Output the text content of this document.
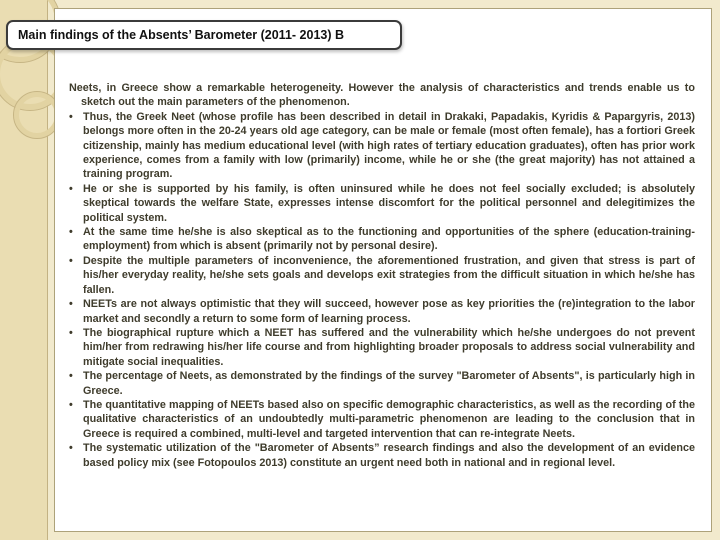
Neets, in Greece show a remarkable heterogeneity. However the analysis of characteristics and trends enable us to sketch out the main parameters of the phenomenon.

• Thus, the Greek Neet (whose profile has been described in detail in Drakaki, Papadakis, Kyridis & Papargyris, 2013) belongs more often in the 20-24 years old age category, can be male or female (most often female), has a fortiori Greek citizenship, mainly has medium educational level (with high rates of tertiary education graduates), often has prior work experience, comes from a family with low (primarily) income, while he or she (the great majority) has not attained a training program.
• He or she is supported by his family, is often uninsured while he does not feel socially excluded; is absolutely skeptical towards the welfare State, expresses intense discomfort for the political personnel and delegitimizes the political system.
• At the same time he/she is also skeptical as to the functioning and opportunities of the sphere (education-training-employment) from which is absent (primarily not by personal desire).
• Despite the multiple parameters of inconvenience, the aforementioned frustration, and given that stress is part of his/her everyday reality, he/she sets goals and develops exit strategies from the difficult situation in which he/she has fallen.
• NEETs are not always optimistic that they will succeed, however pose as key priorities the (re)integration to the labor market and secondly a return to some form of learning process.
• The biographical rupture which a NEET has suffered and the vulnerability which he/she undergoes do not prevent him/her from redrawing his/her life course and from highlighting broader proposals to address social vulnerability and mitigate social inequalities.
• The percentage of Neets, as demonstrated by the findings of the survey "Barometer of Absents", is particularly high in Greece.
• The quantitative mapping of NEETs based also on specific demographic characteristics, as well as the recording of the qualitative characteristics of an undoubtedly multi-parametric phenomenon are leading to the conclusion that in Greece is required a combined, multi-level and targeted intervention that can re-integrate Neets.
• The systematic utilization of the "Barometer of Absents” research findings and also the development of an evidence based policy mix (see Fotopoulos 2013) constitute an urgent need both in national and in regional level.
Main findings of the Absents’ Barometer (2011- 2013) B
